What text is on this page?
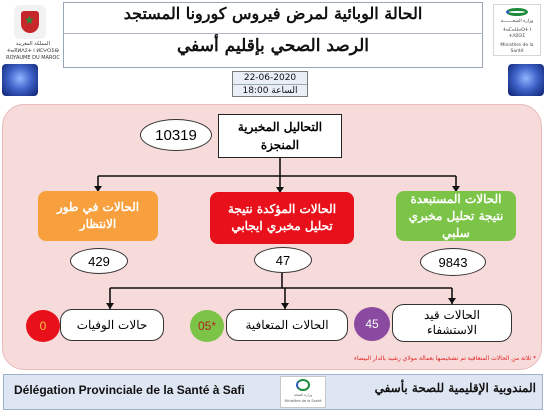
★
المملكة المغربية
ⵜⴰⴳⵍⴷⵉⵜ ⵏ ⵍⵎⵖⵔⵉⴱ
ROYAUME DU MAROC
الحالة الوبائية لمرض فيروس كورونا المستجد
الرصد الصحي بإقليم أسفي
وزارة الصحـــــــة
ⵜⴰⵎⴰⵡⴰⵙⵜ ⵏ ⵜⴷⵓⵙⵉ
Ministère de la Santé
22-06-2020
الساعة 18:00
10319	التحاليل المخبرية المنجزة
الحالات في طور الانتظار
الحالات المؤكدة نتيجة تحليل مخبري ايجابي
الحالات المستبعدة نتيجة تحليل مخبري سلبي
429	47	9843
0	حالات الوفيات	05*	الحالات المتعافية	45
الحالات قيد الاستشفاء
* ثلاثة من الحالات المتعافية تم تشخيصها بعمالة مولاي رشيد بالدار البيضاء
Délégation Provinciale de la Santé à Safi	وزارة الصحة
Ministère de la Santé
المندوبية الإقليمية للصحة بأسفي
